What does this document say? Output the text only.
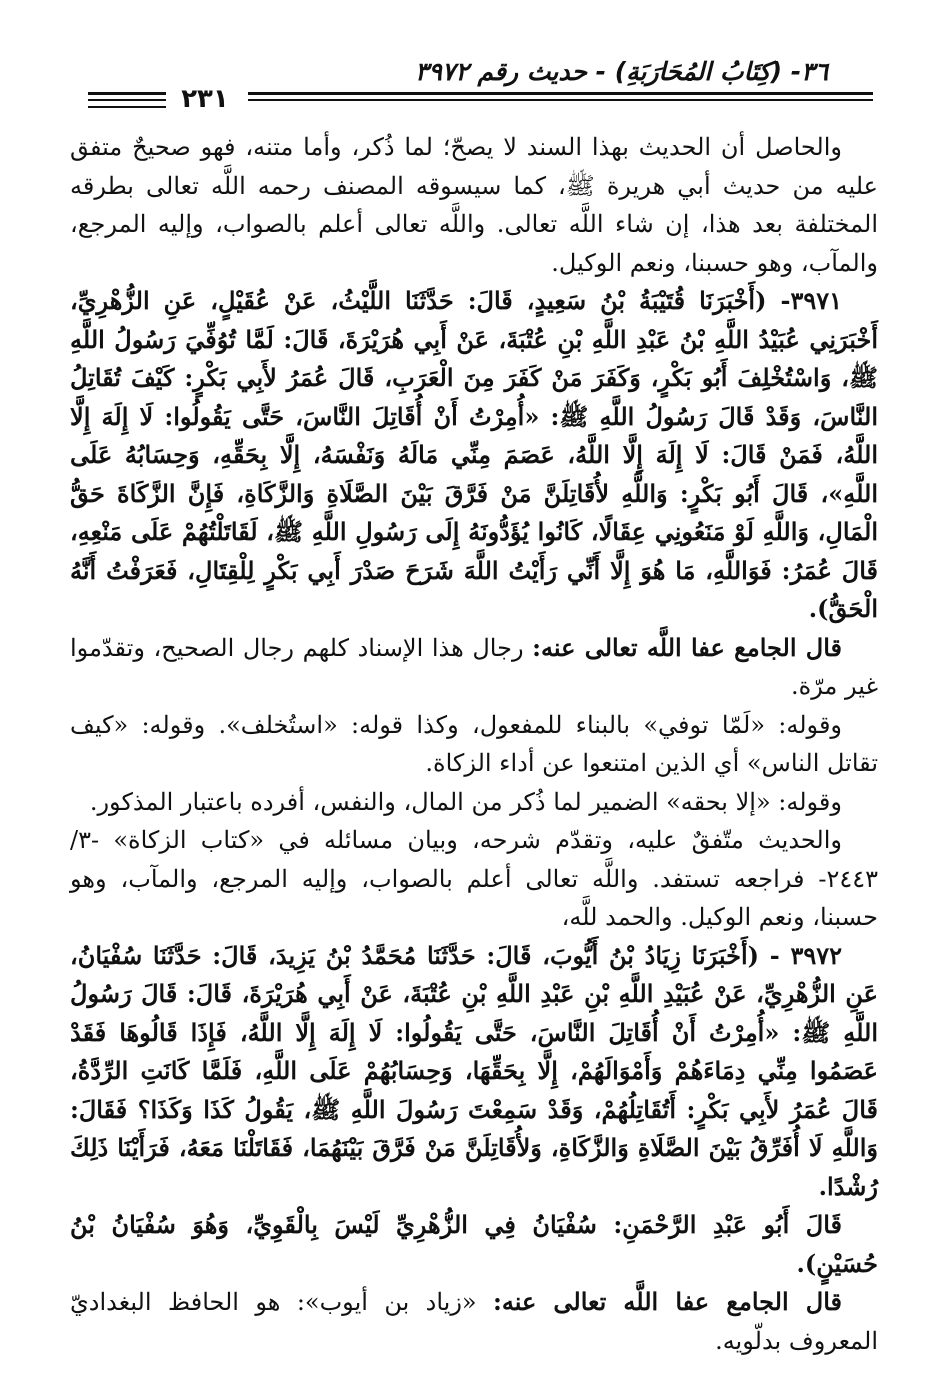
٣٦- (كِتَابُ المُحَارَبَةِ) - حديث رقم ٣٩٧٢
٢٣١

والحاصل أن الحديث بهذا السند لا يصحّ؛ لما ذُكر، وأما متنه، فهو صحيحٌ متفق عليه من حديث أبي هريرة ﷺ، كما سيسوقه المصنف رحمه اللَّه تعالى بطرقه المختلفة بعد هذا، إن شاء اللَّه تعالى. واللَّه تعالى أعلم بالصواب، وإليه المرجع، والمآب، وهو حسبنا، ونعم الوكيل.

٣٩٧١- (أَخْبَرَنَا قُتَيْبَةُ بْنُ سَعِيدٍ، قَالَ: حَدَّثَنَا اللَّيْثُ، عَنْ عُقَيْلٍ، عَنِ الزُّهْرِيِّ، أَخْبَرَنِي عُبَيْدُ اللَّهِ بْنُ عَبْدِ اللَّهِ بْنِ عُتْبَةَ، عَنْ أَبِي هُرَيْرَةَ، قَالَ: لَمَّا تُوُفِّيَ رَسُولُ اللَّهِ ﷺ، وَاسْتُخْلِفَ أَبُو بَكْرٍ، وَكَفَرَ مَنْ كَفَرَ مِنَ الْعَرَبِ، قَالَ عُمَرُ لأَبِي بَكْرٍ: كَيْفَ تُقَاتِلُ النَّاسَ، وَقَدْ قَالَ رَسُولُ اللَّهِ ﷺ: «أُمِرْتُ أَنْ أُقَاتِلَ النَّاسَ، حَتَّى يَقُولُوا: لَا إِلَهَ إِلَّا اللَّهُ، فَمَنْ قَالَ: لَا إِلَهَ إِلَّا اللَّهُ، عَصَمَ مِنِّي مَالَهُ وَنَفْسَهُ، إِلَّا بِحَقِّهِ، وَحِسَابُهُ عَلَى اللَّهِ»، قَالَ أَبُو بَكْرٍ: وَاللَّهِ لأُقَاتِلَنَّ مَنْ فَرَّقَ بَيْنَ الصَّلَاةِ وَالزَّكَاةِ، فَإِنَّ الزَّكَاةَ حَقُّ الْمَالِ، وَاللَّهِ لَوْ مَنَعُونِي عِقَالًا، كَانُوا يُؤَدُّونَهُ إِلَى رَسُولِ اللَّهِ ﷺ، لَقَاتَلْتُهُمْ عَلَى مَنْعِهِ، قَالَ عُمَرُ: فَوَاللَّهِ، مَا هُوَ إِلَّا أَنِّي رَأَيْتُ اللَّهَ شَرَحَ صَدْرَ أَبِي بَكْرٍ لِلْقِتَالِ، فَعَرَفْتُ أَنَّهُ الْحَقُّ).

قال الجامع عفا اللَّه تعالى عنه: رجال هذا الإسناد كلهم رجال الصحيح، وتقدّموا غير مرّة.

وقوله: «لَمّا توفي» بالبناء للمفعول، وكذا قوله: «استُخلف». وقوله: «كيف تقاتل الناس» أي الذين امتنعوا عن أداء الزكاة.

وقوله: «إلا بحقه» الضمير لما ذُكر من المال، والنفس، أفرده باعتبار المذكور.

والحديث متّفقٌ عليه، وتقدّم شرحه، وبيان مسائله في «كتاب الزكاة» -٣/ ٢٤٤٣- فراجعه تستفد. واللَّه تعالى أعلم بالصواب، وإليه المرجع، والمآب، وهو حسبنا، ونعم الوكيل. والحمد للَّه،

٣٩٧٢ - (أَخْبَرَنَا زِيَادُ بْنُ أَيُّوبَ، قَالَ: حَدَّثَنَا مُحَمَّدُ بْنُ يَزِيدَ، قَالَ: حَدَّثَنَا سُفْيَانُ، عَنِ الزُّهْرِيِّ، عَنْ عُبَيْدِ اللَّهِ بْنِ عَبْدِ اللَّهِ بْنِ عُتْبَةَ، عَنْ أَبِي هُرَيْرَةَ، قَالَ: قَالَ رَسُولُ اللَّهِ ﷺ: «أُمِرْتُ أَنْ أُقَاتِلَ النَّاسَ، حَتَّى يَقُولُوا: لَا إِلَهَ إِلَّا اللَّهُ، فَإِذَا قَالُوهَا فَقَدْ عَصَمُوا مِنِّي دِمَاءَهُمْ وَأَمْوَالَهُمْ، إِلَّا بِحَقِّهَا، وَحِسَابُهُمْ عَلَى اللَّهِ، فَلَمَّا كَانَتِ الرِّدَّةُ، قَالَ عُمَرُ لأَبِي بَكْرٍ: أَتُقَاتِلُهُمْ، وَقَدْ سَمِعْتَ رَسُولَ اللَّهِ ﷺ، يَقُولُ كَذَا وَكَذَا؟ فَقَالَ: وَاللَّهِ لَا أُفَرِّقُ بَيْنَ الصَّلَاةِ وَالزَّكَاةِ، وَلأُقَاتِلَنَّ مَنْ فَرَّقَ بَيْنَهُمَا، فَقَاتَلْنَا مَعَهُ، فَرَأَيْنَا ذَلِكَ رُشْدًا.

قَالَ أَبُو عَبْدِ الرَّحْمَنِ: سُفْيَانُ فِي الزُّهْرِيِّ لَيْسَ بِالْقَوِيِّ، وَهُوَ سُفْيَانُ بْنُ حُسَيْنٍ).

قال الجامع عفا اللَّه تعالى عنه: «زياد بن أيوب»: هو الحافظ البغداديّ المعروف بدلّويه.
